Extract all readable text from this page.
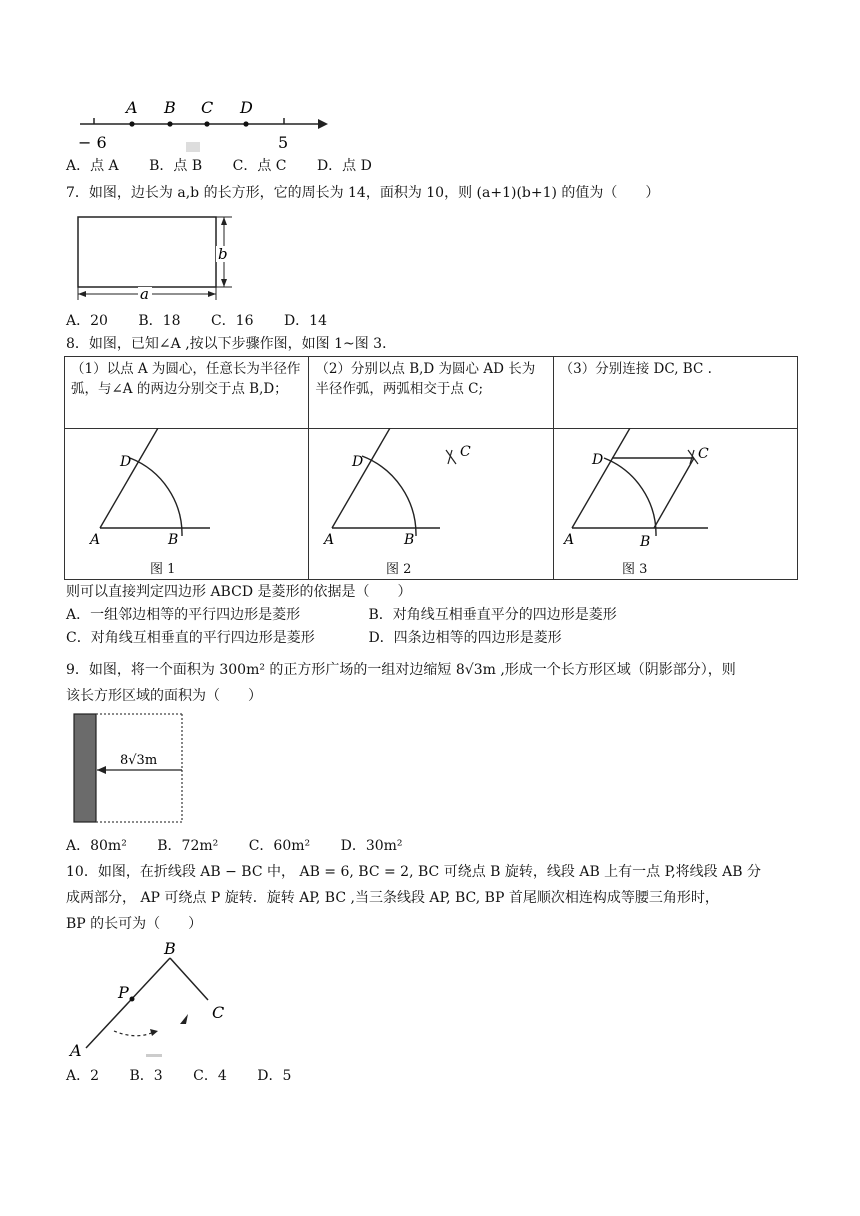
A B C D
− 6	5
A．点 A B．点 B C．点 C D．点 D
7．如图，边长为 a,b 的长方形，它的周长为 14，面积为 10，则 (a+1)(b+1) 的值为（　　）
b
a
A．20 B．18 C．16 D．14
8．如图，已知∠A ,按以下步骤作图，如图 1~图 3．
（1）以点 A 为圆心，任意长为半径作弧，与∠A 的两边分别交于点 B,D；	（2）分别以点 B,D 为圆心 AD 长为半径作弧，两弧相交于点 C;	（3）分别连接 DC, BC .

D
A	B
图 1
C
D
A	B
图 2
C
D
A	B
图 3
则可以直接判定四边形 ABCD 是菱形的依据是（　　）
A．一组邻边相等的平行四边形是菱形	B．对角线互相垂直平分的四边形是菱形
C．对角线互相垂直的平行四边形是菱形	D．四条边相等的四边形是菱形
9．如图，将一个面积为 300m² 的正方形广场的一组对边缩短 8√3m ,形成一个长方形区域（阴影部分），则
该长方形区域的面积为（　　）
8√3m
A．80m² B．72m² C．60m² D．30m²
10．如图，在折线段 AB − BC 中， AB = 6, BC = 2, BC 可绕点 B 旋转，线段 AB 上有一点 P,将线段 AB 分
成两部分， AP 可绕点 P 旋转．旋转 AP, BC ,当三条线段 AP, BC, BP 首尾顺次相连构成等腰三角形时，
BP 的长可为（　　）
B
P
C
A
A．2 B．3 C．4 D．5
